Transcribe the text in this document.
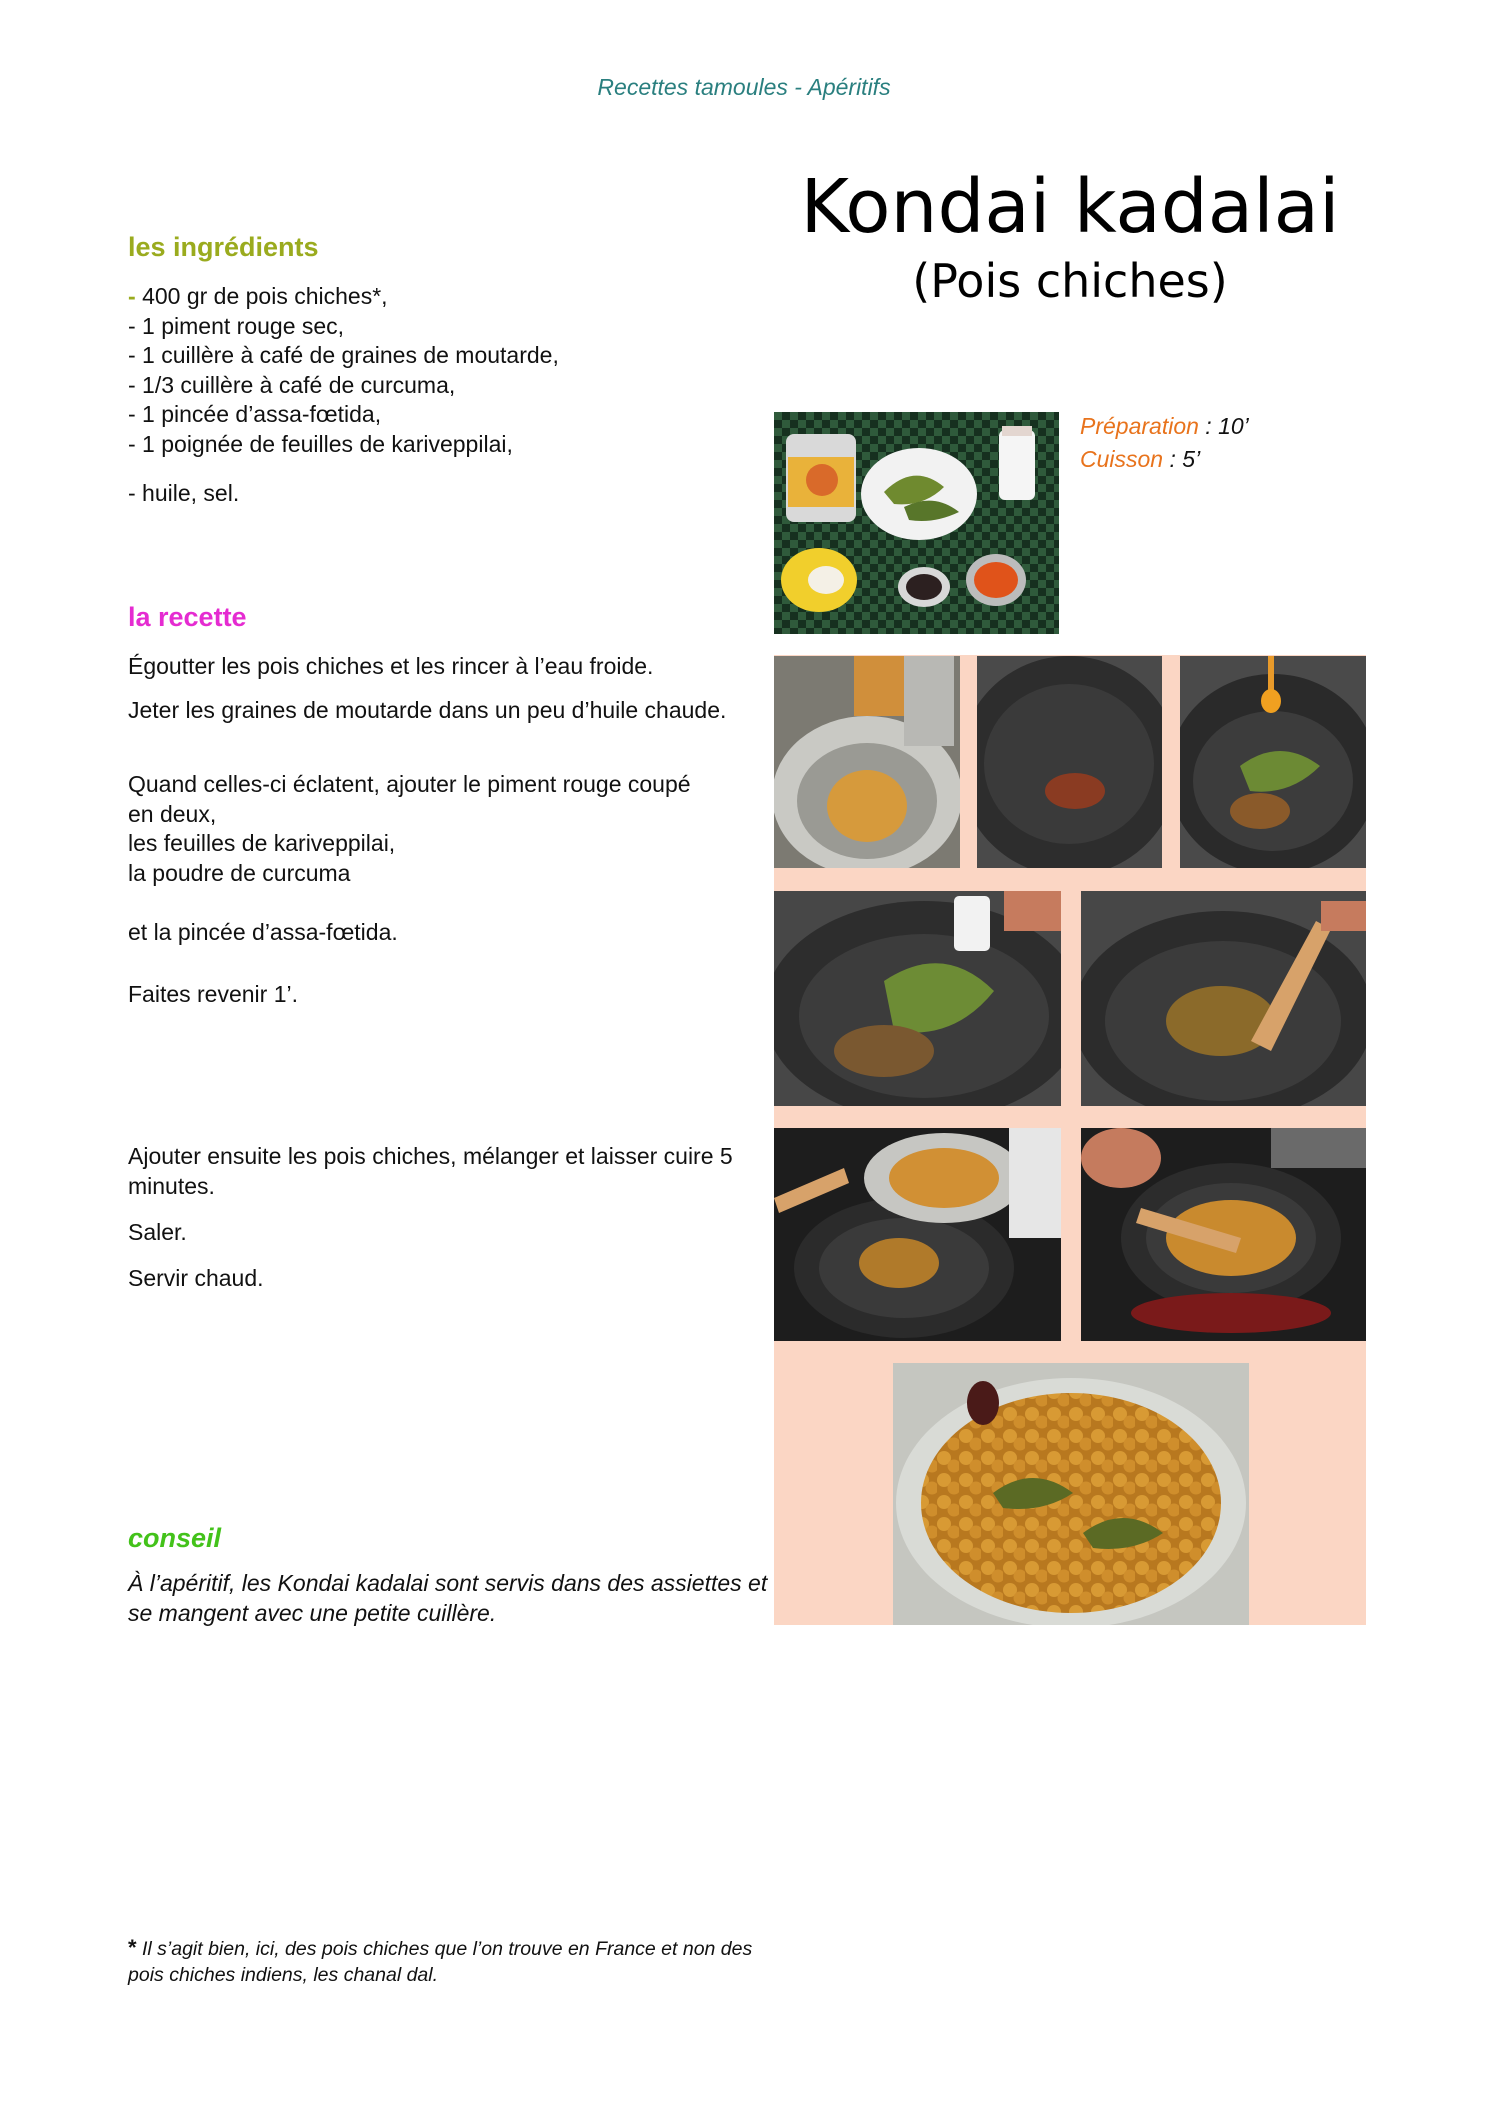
Recettes tamoules - Apéritifs
Kondai kadalai
(Pois chiches)
les ingrédients
- 400 gr de pois chiches*,
- 1 piment rouge sec,
- 1 cuillère à café de graines de moutarde,
- 1/3 cuillère à café de curcuma,
- 1 pincée d’assa-fœtida,
- 1 poignée de feuilles de kariveppilai,
- huile, sel.
la recette
Égoutter les pois chiches et les rincer à l’eau froide.
Jeter les graines de moutarde dans un peu d’huile chaude.
Quand celles-ci éclatent, ajouter le piment rouge coupé en deux,
les feuilles de kariveppilai,
la poudre de curcuma
et la pincée d’assa-fœtida.
Faites revenir 1’.
Ajouter ensuite les pois chiches, mélanger et laisser cuire 5 minutes.
Saler.
Servir chaud.
conseil
À l’apéritif, les Kondai kadalai sont servis dans des assiettes et se mangent avec une petite cuillère.
* Il s’agit bien, ici, des pois chiches que l’on trouve en France et non des pois chiches indiens, les chanal dal.
Préparation : 10’
Cuisson : 5’
